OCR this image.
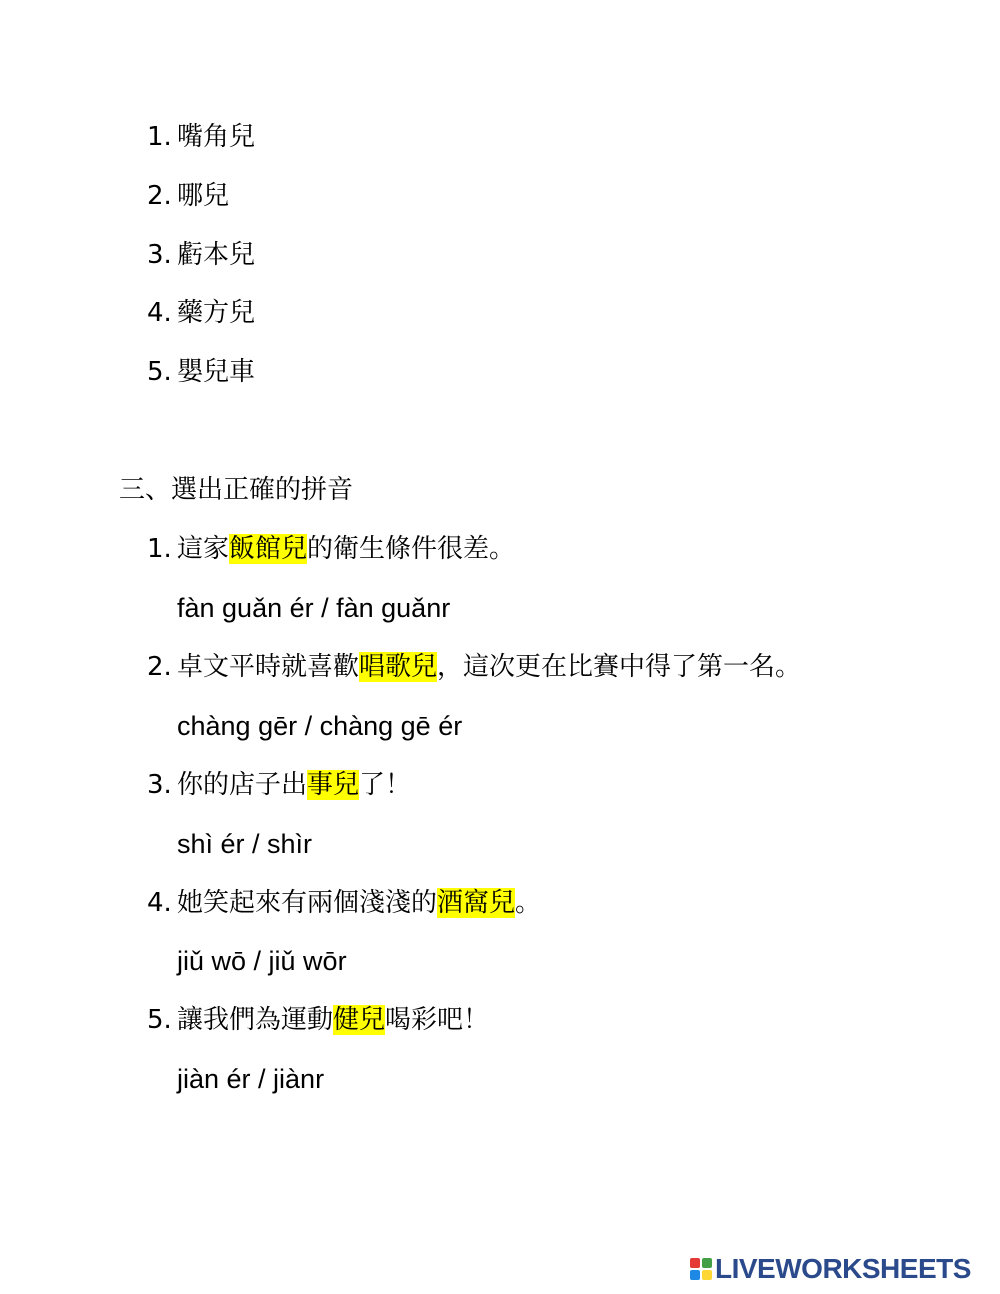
1. 嘴角兒
2. 哪兒
3. 虧本兒
4. 藥方兒
5. 嬰兒車
三、選出正確的拼音
1. 這家飯館兒的衛生條件很差。
fàn guǎn ér / fàn guǎnr
2. 卓文平時就喜歡唱歌兒，這次更在比賽中得了第一名。
chàng gēr / chàng gē ér
3. 你的店子出事兒了！
shì ér / shìr
4. 她笑起來有兩個淺淺的酒窩兒。
jiǔ wō / jiǔ wōr
5. 讓我們為運動健兒喝彩吧！
jiàn ér / jiànr
LIVEWORKSHEETS
